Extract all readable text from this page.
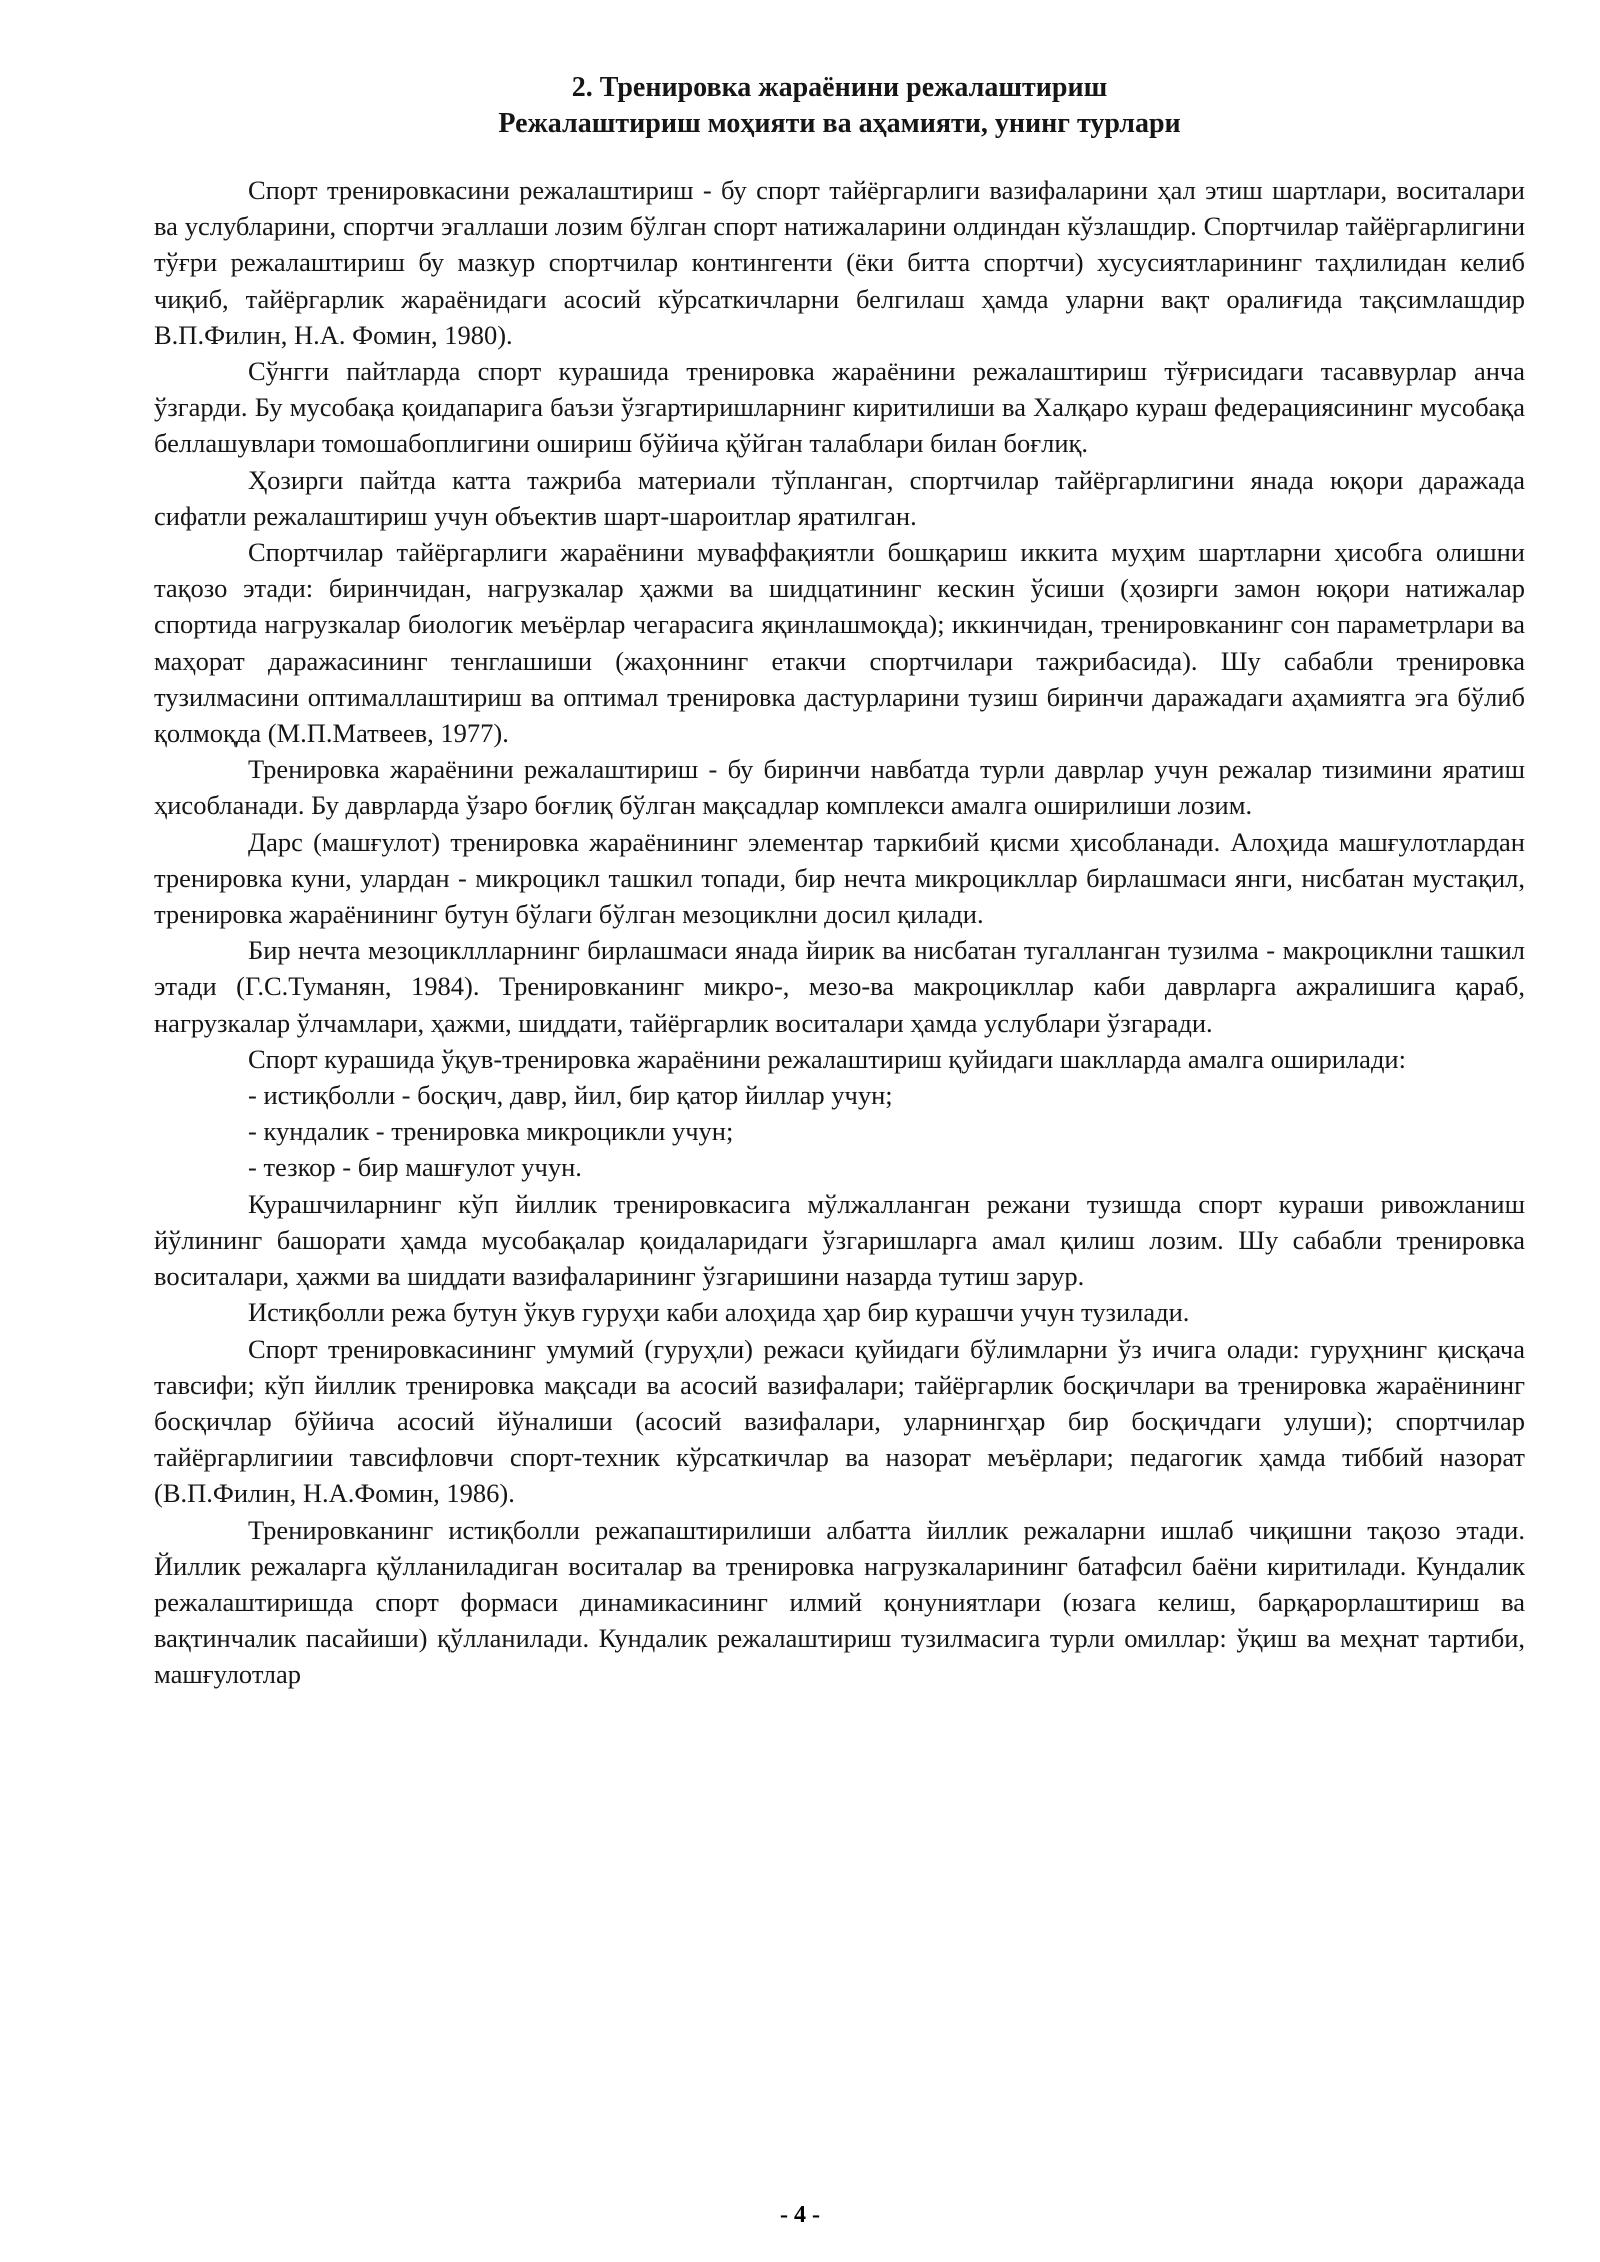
2. Тренировка жараёнини режалаштириш

Режалаштириш моҳияти ва аҳамияти, унинг турлари

Спорт тренировкасини режалаштириш - бу спорт тайёргарлиги вазифаларини ҳал этиш шартлари, воситалари ва услубларини, спортчи эгаллаши лозим бўлган спорт натижаларини олдиндан кўзлашдир. Спортчилар тайёргарлигини тўғри режалаштириш бу мазкур спортчилар контингенти (ёки битта спортчи) хусусиятларининг таҳлилидан келиб чиқиб, тайёргарлик жараёнидаги асосий кўрсаткичларни белгилаш ҳамда уларни вақт оралиғида тақсимлашдир В.П.Филин, Н.А. Фомин, 1980).

Сўнгги пайтларда спорт курашида тренировка жараёнини режалаштириш тўғрисидаги тасаввурлар анча ўзгарди. Бу мусобақа қоидапарига баъзи ўзгартиришларнинг киритилиши ва Халқаро кураш федерациясининг мусобақа беллашувлари томошабоплигини ошириш бўйича қўйган талаблари билан боғлиқ.

Ҳозирги пайтда катта тажриба материали тўпланган, спортчилар тайёргарлигини янада юқори даражада сифатли режалаштириш учун объектив шарт-шароитлар яратилган.

Спортчилар тайёргарлиги жараёнини муваффақиятли бошқариш иккита муҳим шартларни ҳисобга олишни тақозо этади: биринчидан, нагрузкалар ҳажми ва шидцатининг кескин ўсиши (ҳозирги замон юқори натижалар спортида нагрузкалар биологик меъёрлар чегарасига яқинлашмоқда); иккинчидан, тренировканинг сон параметрлари ва маҳорат даражасининг тенглашиши (жаҳоннинг етакчи спортчилари тажрибасида). Шу сабабли тренировка тузилмасини оптималлаштириш ва оптимал тренировка дастурларини тузиш биринчи даражадаги аҳамиятга эга бўлиб қолмоқда (М.П.Матвеев, 1977).

Тренировка жараёнини режалаштириш - бу биринчи навбатда турли даврлар учун режалар тизимини яратиш ҳисобланади. Бу даврларда ўзаро боғлиқ бўлган мақсадлар комплекси амалга оширилиши лозим.

Дарс (машғулот) тренировка жараёнининг элементар таркибий қисми ҳисобланади. Алоҳида машғулотлардан тренировка куни, улардан - микроцикл ташкил топади, бир нечта микроцикллар бирлашмаси янги, нисбатан мустақил, тренировка жараёнининг бутун бўлаги бўлган мезоциклни досил қилади.

Бир нечта мезоцикллларнинг бирлашмаси янада йирик ва нисбатан тугалланган тузилма - макроциклни ташкил этади (Г.С.Туманян, 1984). Тренировканинг микро-, мезо-ва макроцикллар каби даврларга ажралишига қараб, нагрузкалар ўлчамлари, ҳажми, шиддати, тайёргарлик воситалари ҳамда услублари ўзгаради.

Спорт курашида ўқув-тренировка жараёнини режалаштириш қуйидаги шаклларда амалга оширилади:

- истиқболли - босқич, давр, йил, бир қатор йиллар учун;

- кундалик - тренировка микроцикли учун;

- тезкор - бир машғулот учун.

Курашчиларнинг кўп йиллик тренировкасига мўлжалланган режани тузишда спорт кураши ривожланиш йўлининг башорати ҳамда мусобақалар қоидаларидаги ўзгаришларга амал қилиш лозим. Шу сабабли тренировка воситалари, ҳажми ва шиддати вазифаларининг ўзгаришини назарда тутиш зарур.

Истиқболли режа бутун ўкув гуруҳи каби алоҳида ҳар бир курашчи учун тузилади.

Спорт тренировкасининг умумий (гуруҳли) режаси қуйидаги бўлимларни ўз ичига олади: гуруҳнинг қисқача тавсифи; кўп йиллик тренировка мақсади ва асосий вазифалари; тайёргарлик босқичлари ва тренировка жараёнининг босқичлар бўйича асосий йўналиши (асосий вазифалари, уларнингҳар бир босқичдаги улуши); спортчилар тайёргарлигиии тавсифловчи спорт-техник кўрсаткичлар ва назорат меъёрлари; педагогик ҳамда тиббий назорат (В.П.Филин, Н.А.Фомин, 1986).

Тренировканинг истиқболли режапаштирилиши албатта йиллик режаларни ишлаб чиқишни тақозо этади. Йиллик режаларга қўлланиладиган воситалар ва тренировка нагрузкаларининг батафсил баёни киритилади. Кундалик режалаштиришда спорт формаси динамикасининг илмий қонуниятлари (юзага келиш, барқарорлаштириш ва вақтинчалик пасайиши) қўлланилади. Кундалик режалаштириш тузилмасига турли омиллар: ўқиш ва меҳнат тартиби, машғулотлар

- 4 -
